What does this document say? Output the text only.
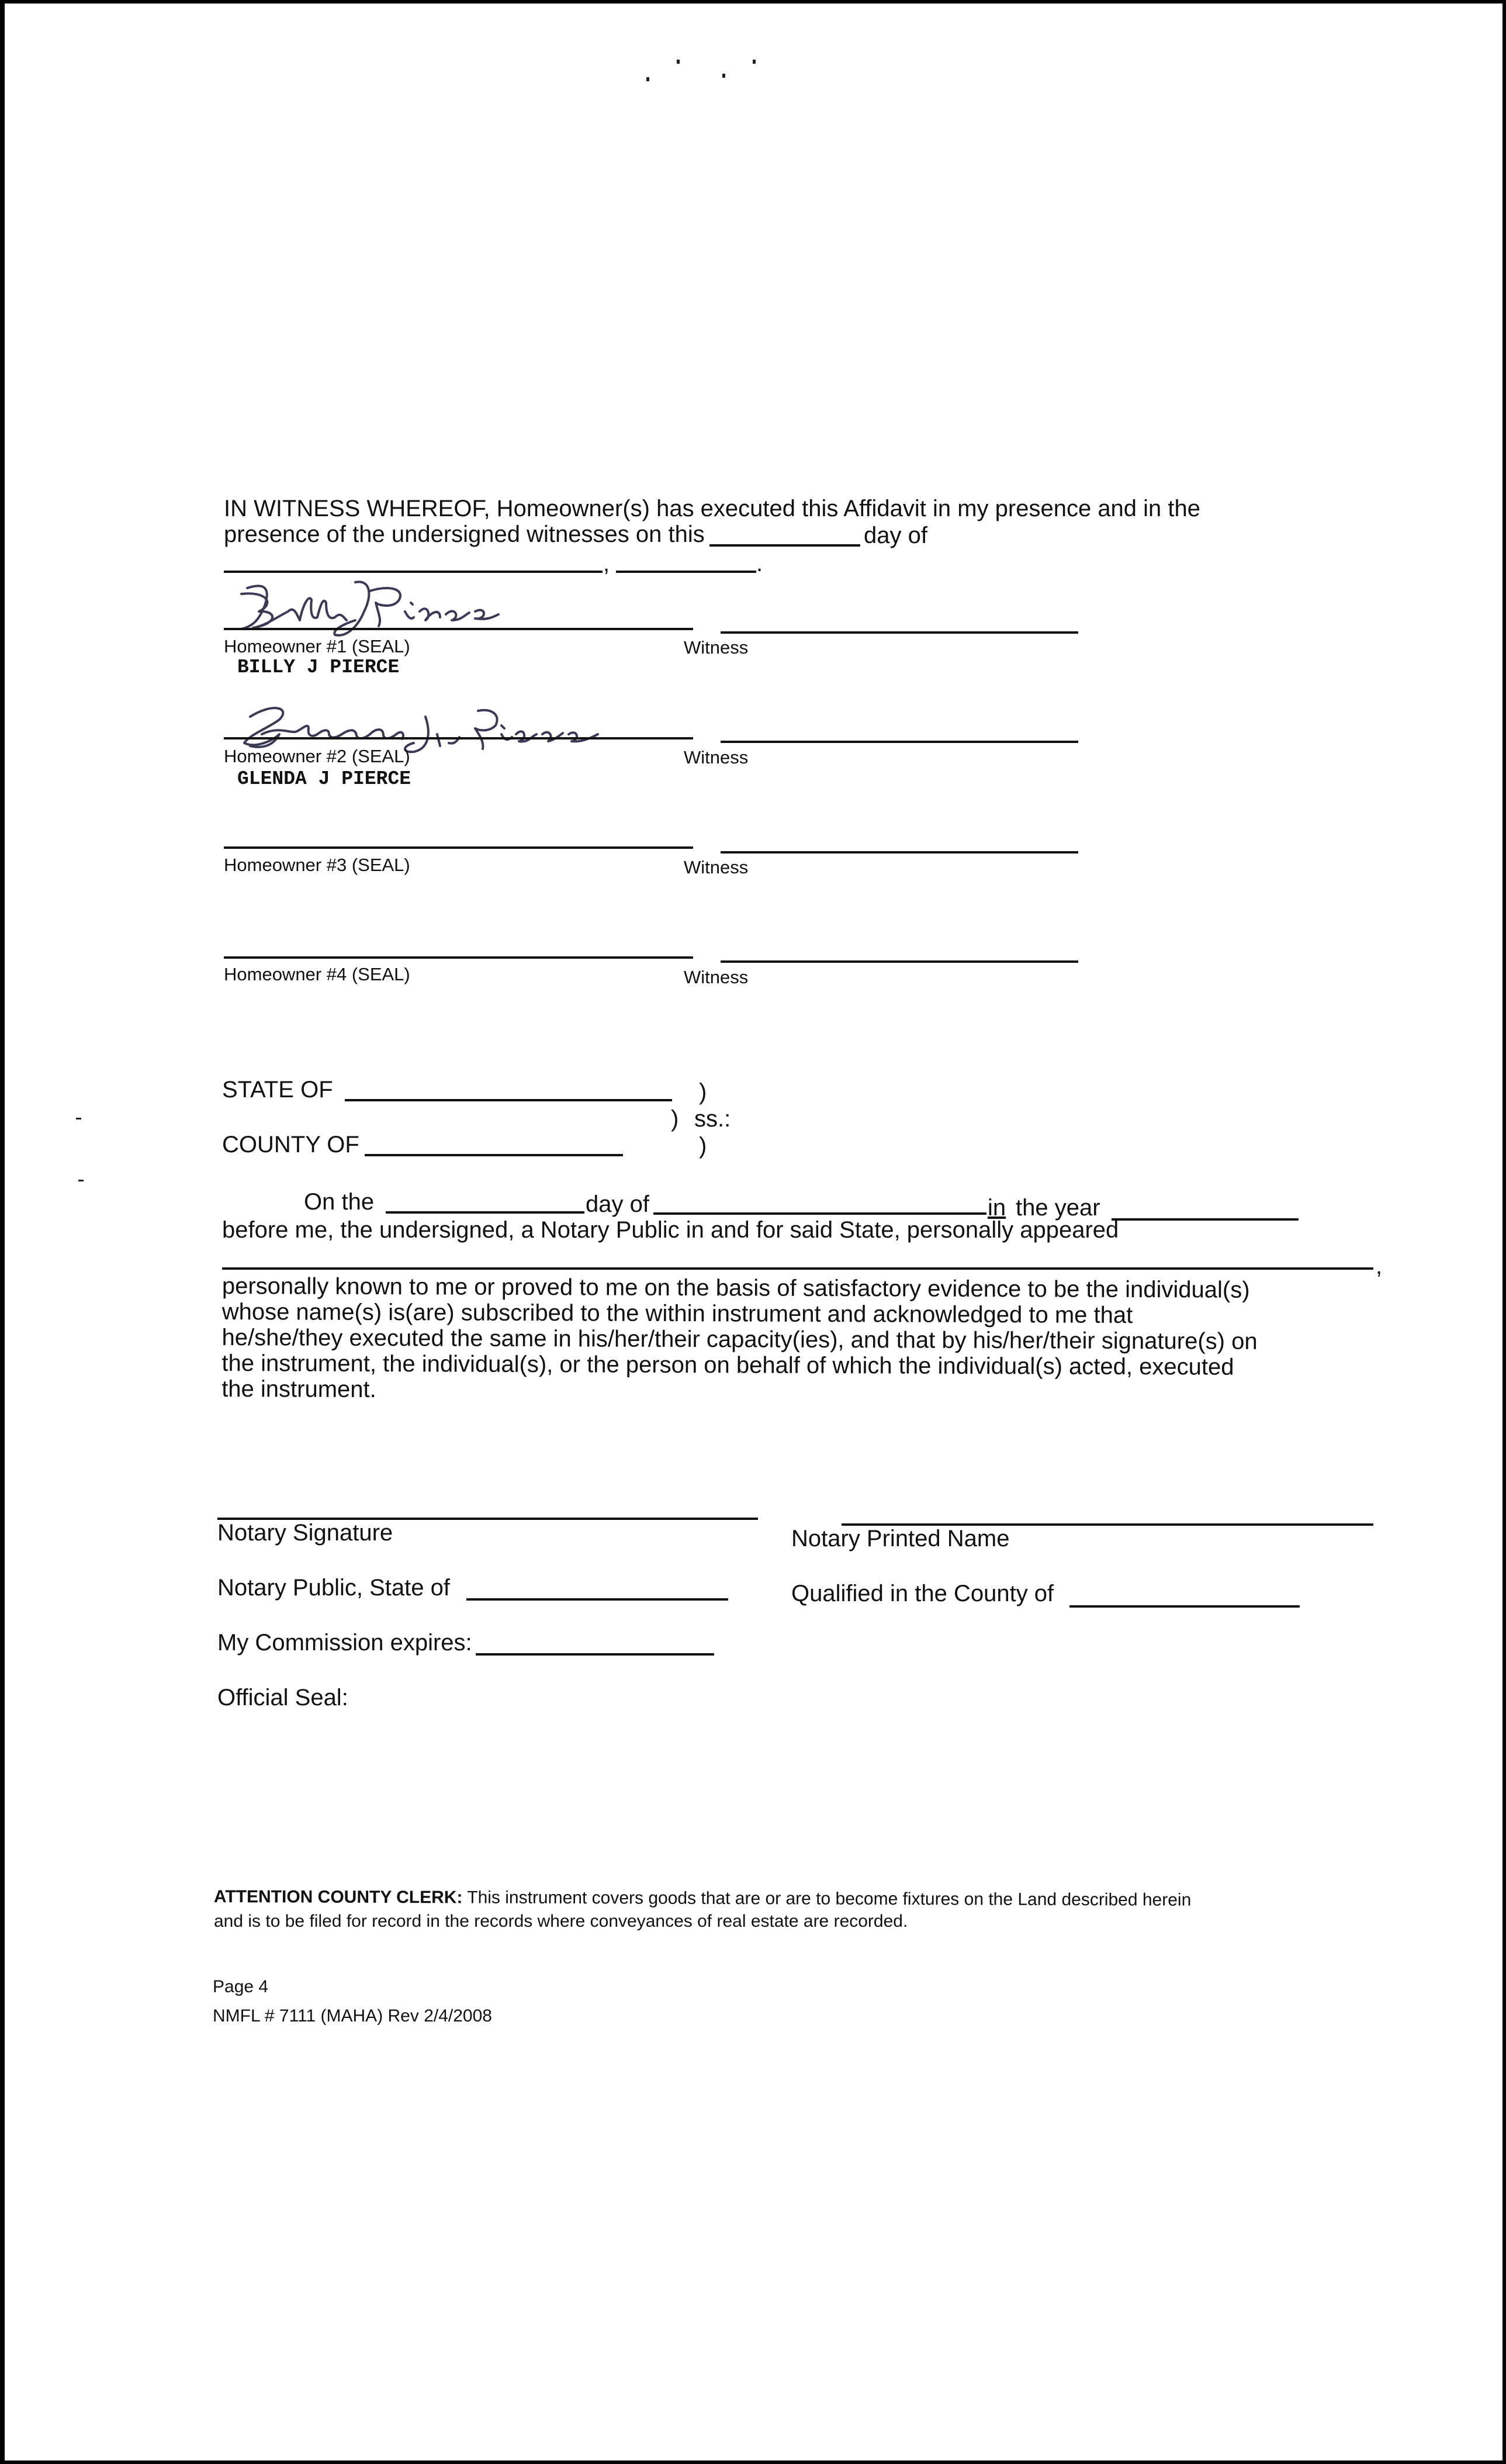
IN WITNESS WHEREOF, Homeowner(s) has executed this Affidavit in my presence and in the
presence of the undersigned witnesses on this	day of
,	.
Homeowner #1 (SEAL)	Witness
BILLY J PIERCE
Homeowner #2 (SEAL)	Witness
GLENDA J PIERCE
Homeowner #3 (SEAL)	Witness
Homeowner #4 (SEAL)	Witness
STATE OF	)
) ss.:
COUNTY OF	)
On the	day of	in the year
before me, the undersigned, a Notary Public in and for said State, personally appeared
,
personally known to me or proved to me on the basis of satisfactory evidence to be the individual(s)
whose name(s) is(are) subscribed to the within instrument and acknowledged to me that
he/she/they executed the same in his/her/their capacity(ies), and that by his/her/their signature(s) on
the instrument, the individual(s), or the person on behalf of which the individual(s) acted, executed
the instrument.
Notary Signature	Notary Printed Name
Notary Public, State of	Qualified in the County of
My Commission expires:
Official Seal:
ATTENTION COUNTY CLERK: This instrument covers goods that are or are to become fixtures on the Land described herein
and is to be filed for record in the records where conveyances of real estate are recorded.
Page 4
NMFL # 7111 (MAHA) Rev 2/4/2008
